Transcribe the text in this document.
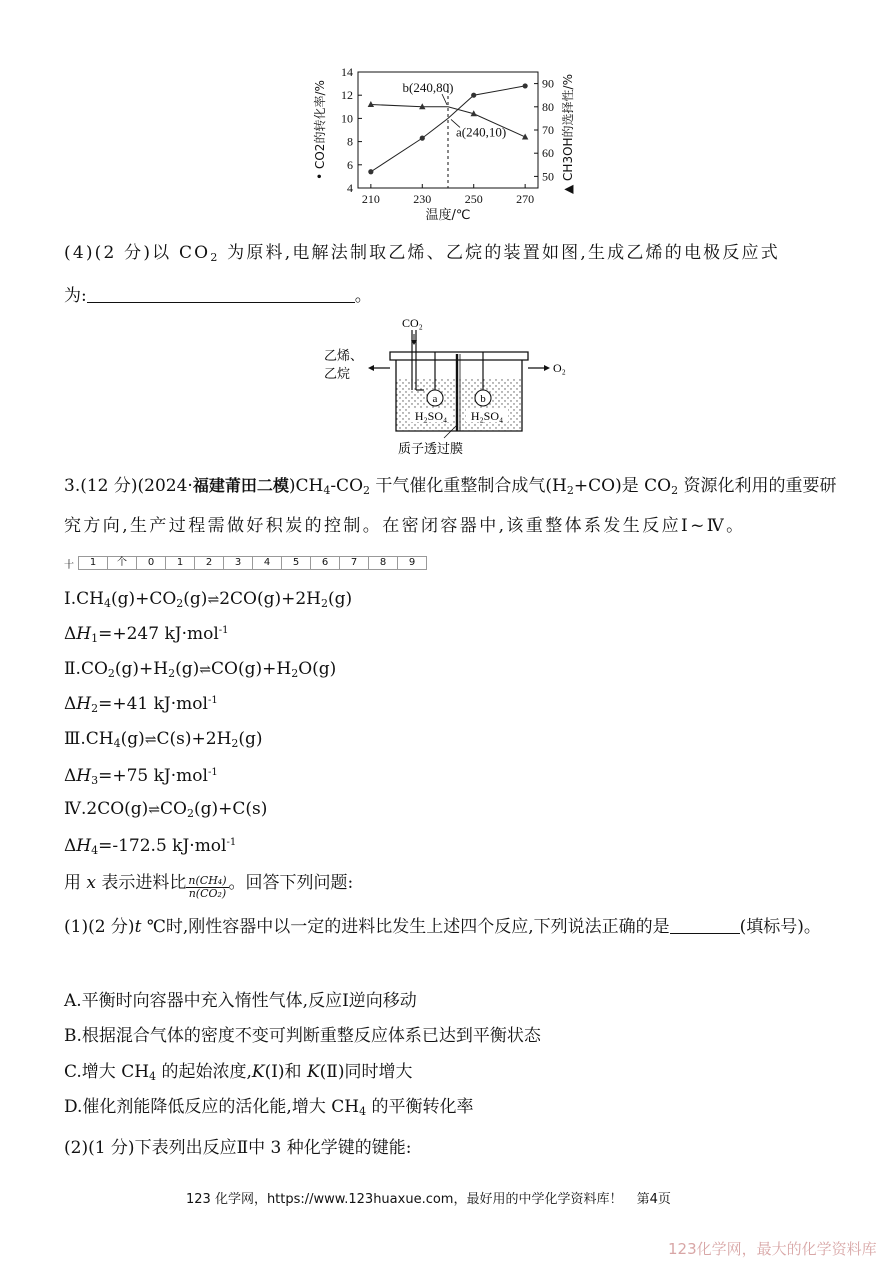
4
6
8
10
12
14
50
60
70
80
90
210	230	250	270
b(240,80)
a(240,10)
温度/℃
• CO2的转化率/%	▲ CH3OH的选择性/%
(4)(2 分)以 $CO_2$ 为原料,电解法制取乙烯、乙烷的装置如图,生成乙烯的电极反应式
为:	。
a	b
H₂SO₄ H₂SO₄
CO₂
乙烯、
乙烷	O₂
质子透过膜
3.(12 分)(2024·福建莆田二模)$CH_4-CO_2$ 干气催化重整制合成气$(H_2+CO)$是 $CO_2$ 资源化利用的重要研
究方向,生产过程需做好积炭的控制。在密闭容器中,该重整体系发生反应Ⅰ~Ⅳ。
十	1	个	0	1	2	3	4	5	6	7	8	9
$Ⅰ.CH_4(g)+CO_2(g)\rightleftharpoons 2CO(g)+2H_2(g)$
$\Delta H_1=+247$ kJ·mol$^{-1}$
$Ⅱ.CO_2(g)+H_2(g)\rightleftharpoons CO(g)+H_2O(g)$
$\Delta H_2=+41$ kJ·mol$^{-1}$
$Ⅲ.CH_4(g)\rightleftharpoons C(s)+2H_2(g)$
$\Delta H_3=+75$ kJ·mol$^{-1}$
$Ⅳ.2CO(g)\rightleftharpoons CO_2(g)+C(s)$
$\Delta H_4=-172.5$ kJ·mol$^{-1}$
用 x 表示进料比 $\frac{\text{n(CH₄)}}{\text{n(CO₂)}}$ 。回答下列问题:
(1)(2 分)t ℃时,刚性容器中以一定的进料比发生上述四个反应,下列说法正确的是	(填标号)。
A.平衡时向容器中充入惰性气体,反应Ⅰ逆向移动
B.根据混合气体的密度不变可判断重整反应体系已达到平衡状态
C.增大 $CH_4$ 的起始浓度,K(Ⅰ)和 K(Ⅱ)同时增大
D.催化剂能降低反应的活化能,增大 $CH_4$ 的平衡转化率
(2)(1 分)下表列出反应Ⅱ中 3 种化学键的键能:
123 化学网，https://www.123huaxue.com，最好用的中学化学资料库！ 第4页
123化学网，最大的化学资料库
